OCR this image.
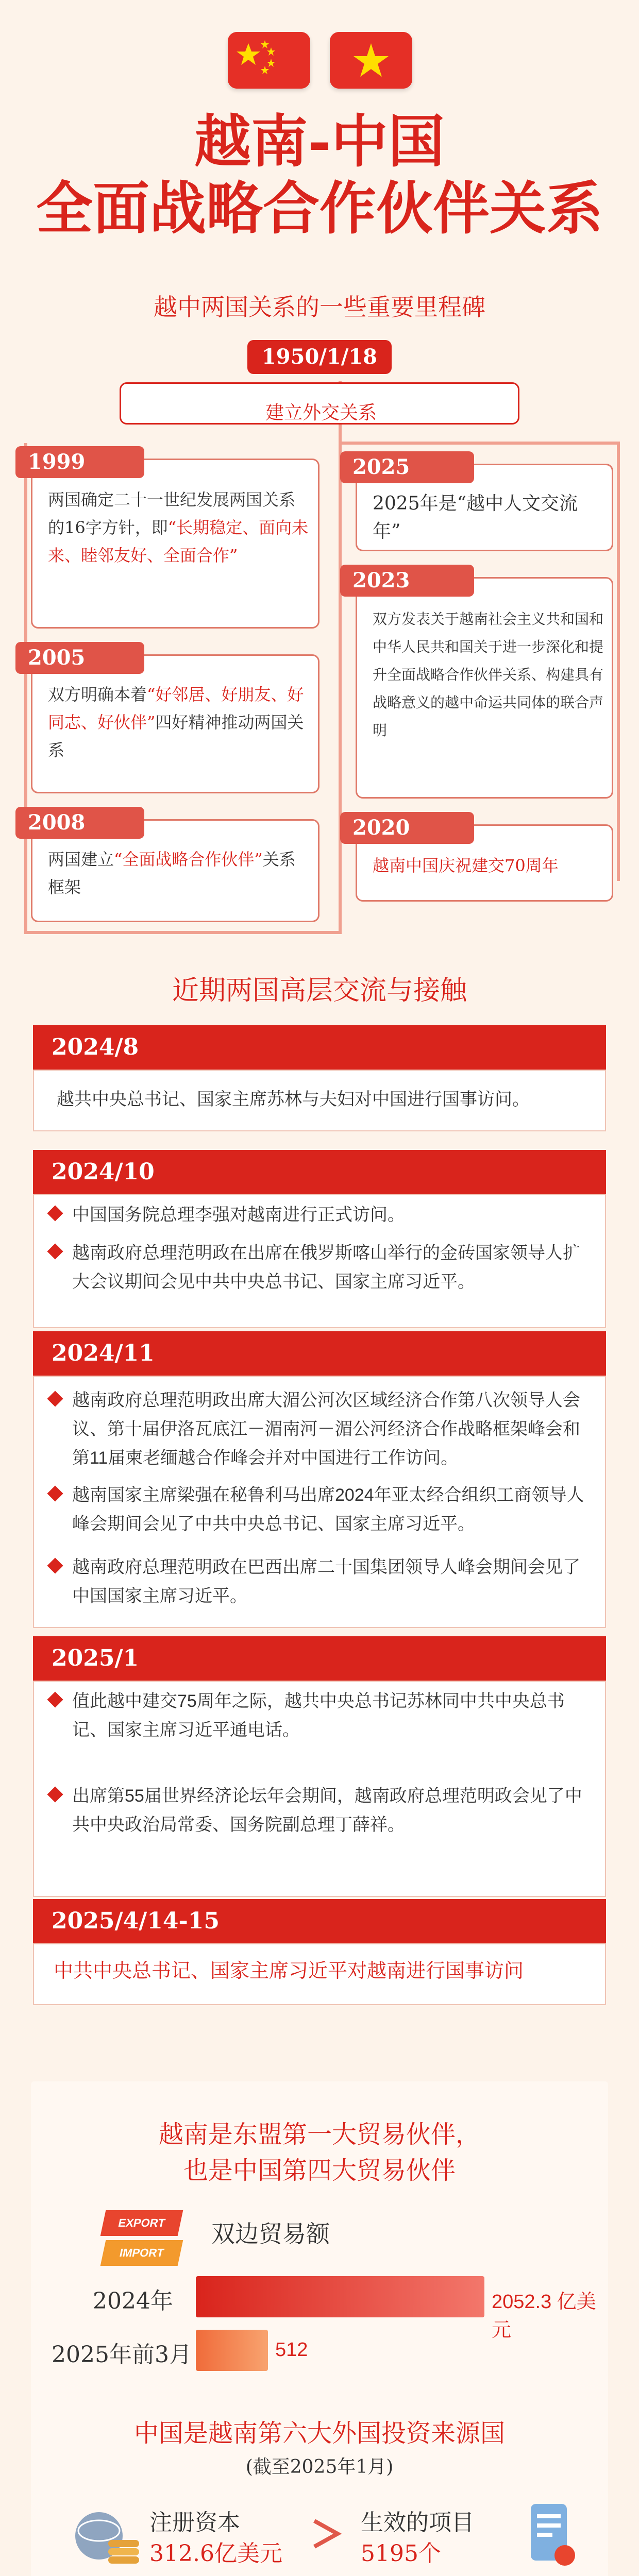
越南-中国
全面战略合作伙伴关系
越中两国关系的一些重要里程碑
建立外交关系
1950/1/18
两国确定二十一世纪发展两国关系的16字方针，即“长期稳定、面向未来、睦邻友好、全面合作”
1999
双方明确本着“好邻居、好朋友、好同志、好伙伴”四好精神推动两国关系
2005
两国建立“全面战略合作伙伴”关系框架
2008
2025年是“越中人文交流年”
2025
双方发表关于越南社会主义共和国和中华人民共和国关于进一步深化和提升全面战略合作伙伴关系、构建具有战略意义的越中命运共同体的联合声明
2023
越南中国庆祝建交70周年
2020
近期两国高层交流与接触
2024/8
越共中央总书记、国家主席苏林与夫妇对中国进行国事访问。
2024/10
中国国务院总理李强对越南进行正式访问。
越南政府总理范明政在出席在俄罗斯喀山举行的金砖国家领导人扩大会议期间会见中共中央总书记、国家主席习近平。
2024/11
越南政府总理范明政出席大湄公河次区域经济合作第八次领导人会议、第十届伊洛瓦底江－湄南河－湄公河经济合作战略框架峰会和第11届柬老缅越合作峰会并对中国进行工作访问。
越南国家主席梁强在秘鲁利马出席2024年亚太经合组织工商领导人峰会期间会见了中共中央总书记、国家主席习近平。
越南政府总理范明政在巴西出席二十国集团领导人峰会期间会见了中国国家主席习近平。
2025/1
值此越中建交75周年之际，越共中央总书记苏林同中共中央总书记、国家主席习近平通电话。
出席第55届世界经济论坛年会期间，越南政府总理范明政会见了中共中央政治局常委、国务院副总理丁薛祥。
2025/4/14-15
中共中央总书记、国家主席习近平对越南进行国事访问
越南是东盟第一大贸易伙伴，
也是中国第四大贸易伙伴
EXPORT
IMPORT
双边贸易额
2024年	2052.3 亿美元
2025年前3月	512
中国是越南第六大外国投资来源国
(截至2025年1月)
注册资本
312.6亿美元
生效的项目
5195个
